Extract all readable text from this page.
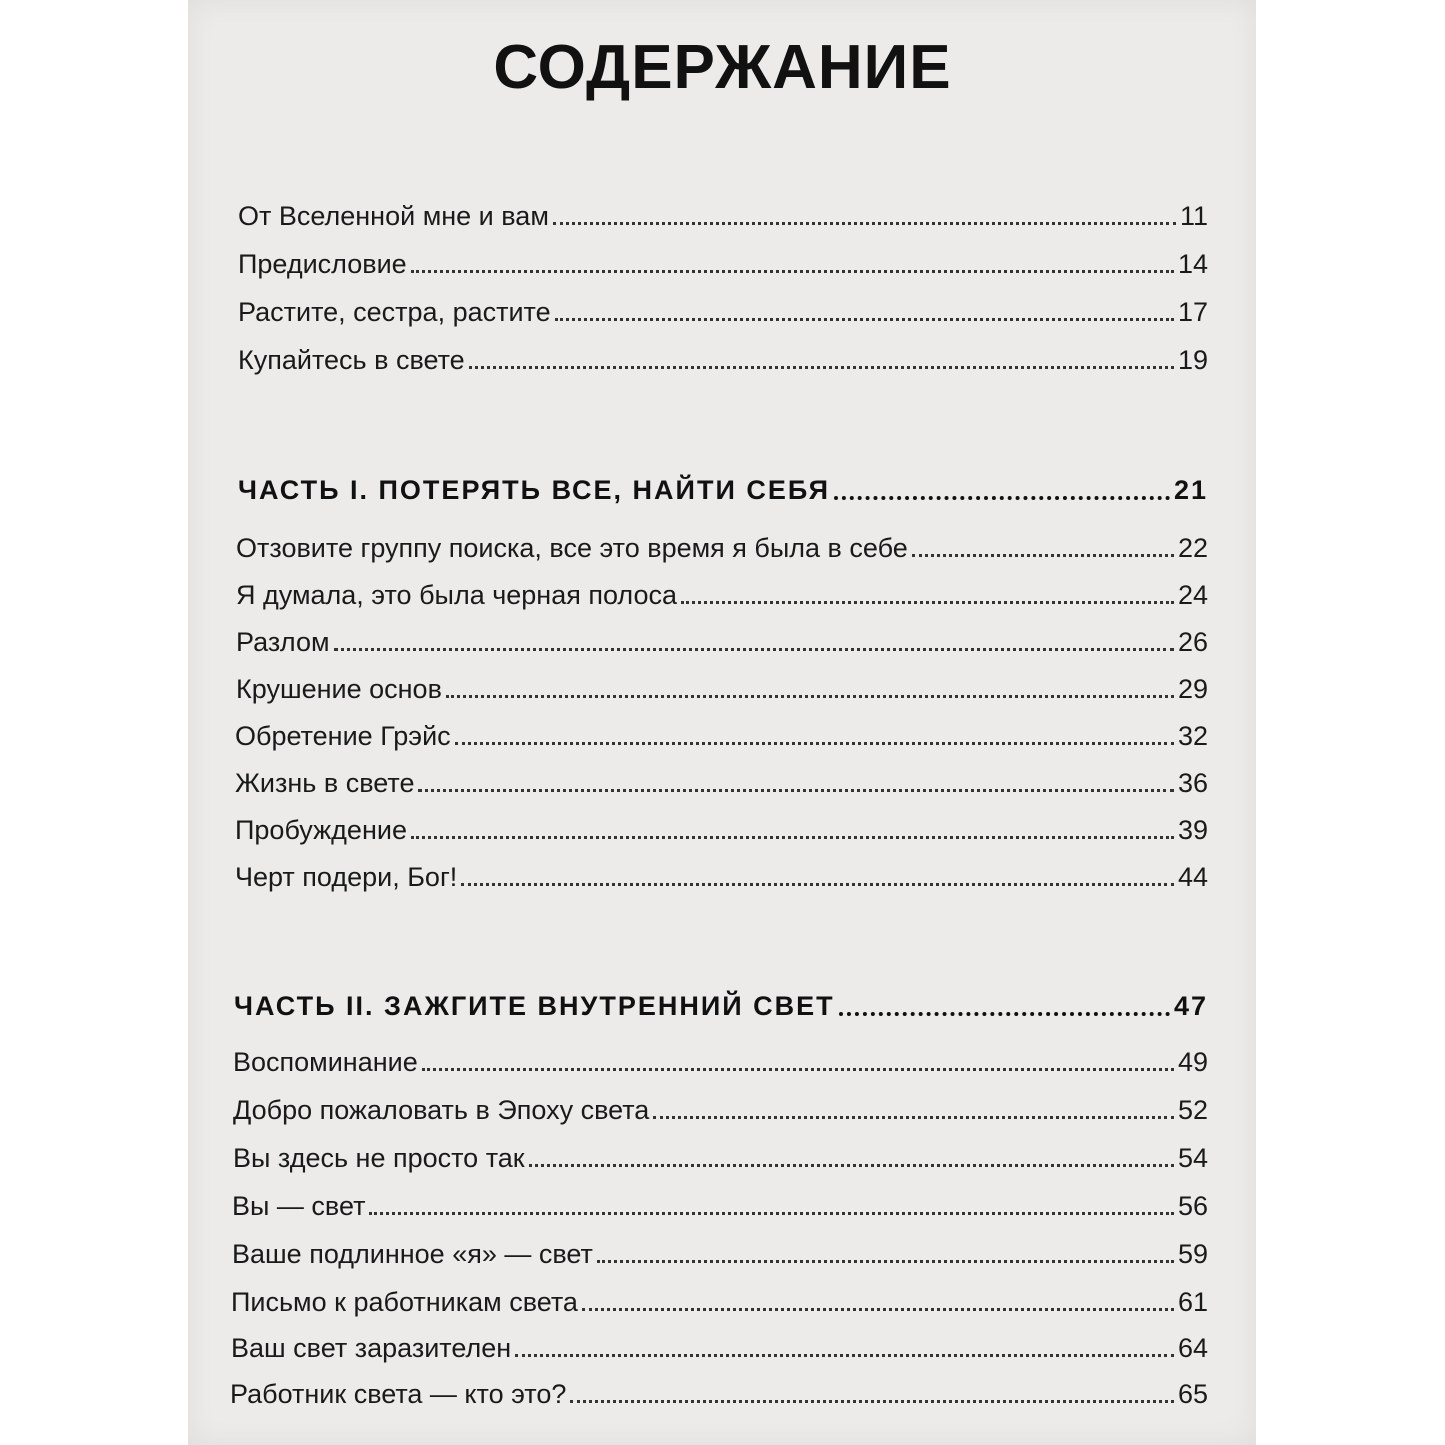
СОДЕРЖАНИЕ
От Вселенной мне и вам	11
Предисловие	14
Растите, сестра, растите	17
Купайтесь в свете	19
ЧАСТЬ I. ПОТЕРЯТЬ ВСЕ, НАЙТИ СЕБЯ	21
Отзовите группу поиска, все это время я была в себе	22
Я думала, это была черная полоса	24
Разлом	26
Крушение основ	29
Обретение Грэйс	32
Жизнь в свете	36
Пробуждение	39
Черт подери, Бог!	44
ЧАСТЬ II. ЗАЖГИТЕ ВНУТРЕННИЙ СВЕТ	47
Воспоминание	49
Добро пожаловать в Эпоху света	52
Вы здесь не просто так	54
Вы — свет	56
Ваше подлинное «я» — свет	59
Письмо к работникам света	61
Ваш свет заразителен	64
Работник света — кто это?	65
